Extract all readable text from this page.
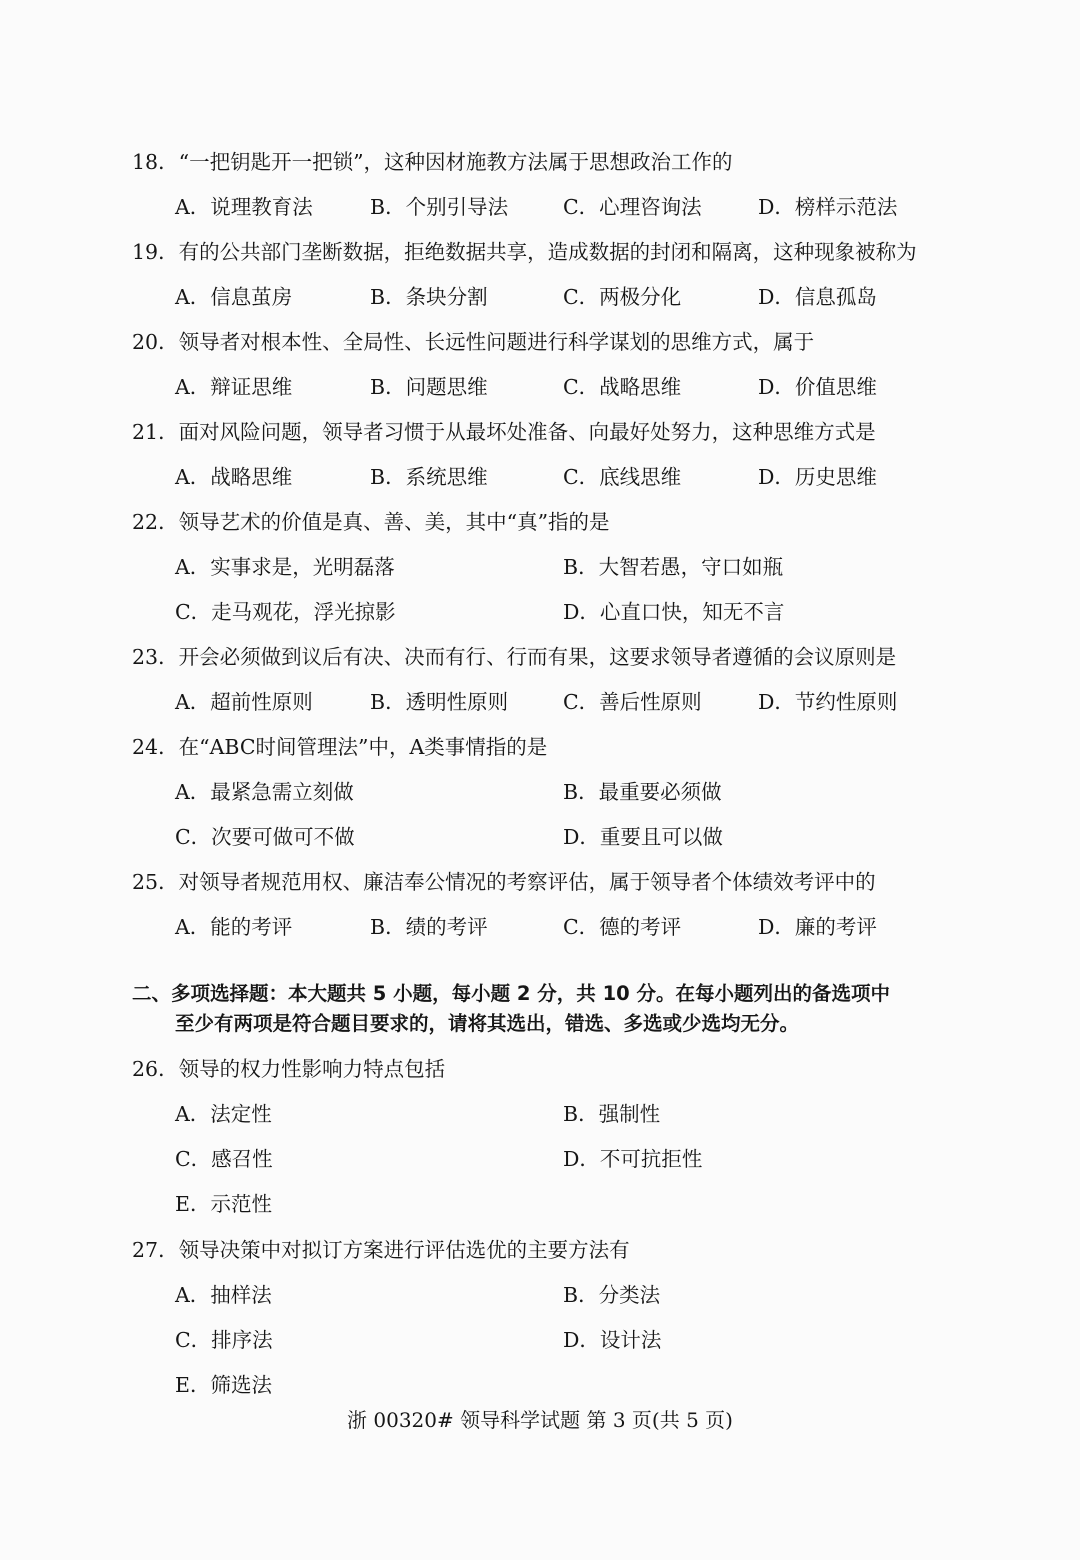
18．“一把钥匙开一把锁”，这种因材施教方法属于思想政治工作的
A．说理教育法	B．个别引导法	C．心理咨询法	D．榜样示范法
19．有的公共部门垄断数据，拒绝数据共享，造成数据的封闭和隔离，这种现象被称为
A．信息茧房	B．条块分割	C．两极分化	D．信息孤岛
20．领导者对根本性、全局性、长远性问题进行科学谋划的思维方式，属于
A．辩证思维	B．问题思维	C．战略思维	D．价值思维
21．面对风险问题，领导者习惯于从最坏处准备、向最好处努力，这种思维方式是
A．战略思维	B．系统思维	C．底线思维	D．历史思维
22．领导艺术的价值是真、善、美，其中“真”指的是
A．实事求是，光明磊落	B．大智若愚，守口如瓶
C．走马观花，浮光掠影	D．心直口快，知无不言
23．开会必须做到议后有决、决而有行、行而有果，这要求领导者遵循的会议原则是
A．超前性原则	B．透明性原则	C．善后性原则	D．节约性原则
24．在“ABC时间管理法”中，A类事情指的是
A．最紧急需立刻做	B．最重要必须做
C．次要可做可不做	D．重要且可以做
25．对领导者规范用权、廉洁奉公情况的考察评估，属于领导者个体绩效考评中的
A．能的考评	B．绩的考评	C．德的考评	D．廉的考评
二、多项选择题：本大题共 5 小题，每小题 2 分，共 10 分。在每小题列出的备选项中
至少有两项是符合题目要求的，请将其选出，错选、多选或少选均无分。
26．领导的权力性影响力特点包括
A．法定性	B．强制性
C．感召性	D．不可抗拒性
E．示范性
27．领导决策中对拟订方案进行评估选优的主要方法有
A．抽样法	B．分类法
C．排序法	D．设计法
E．筛选法
浙 00320# 领导科学试题 第 3 页(共 5 页)
